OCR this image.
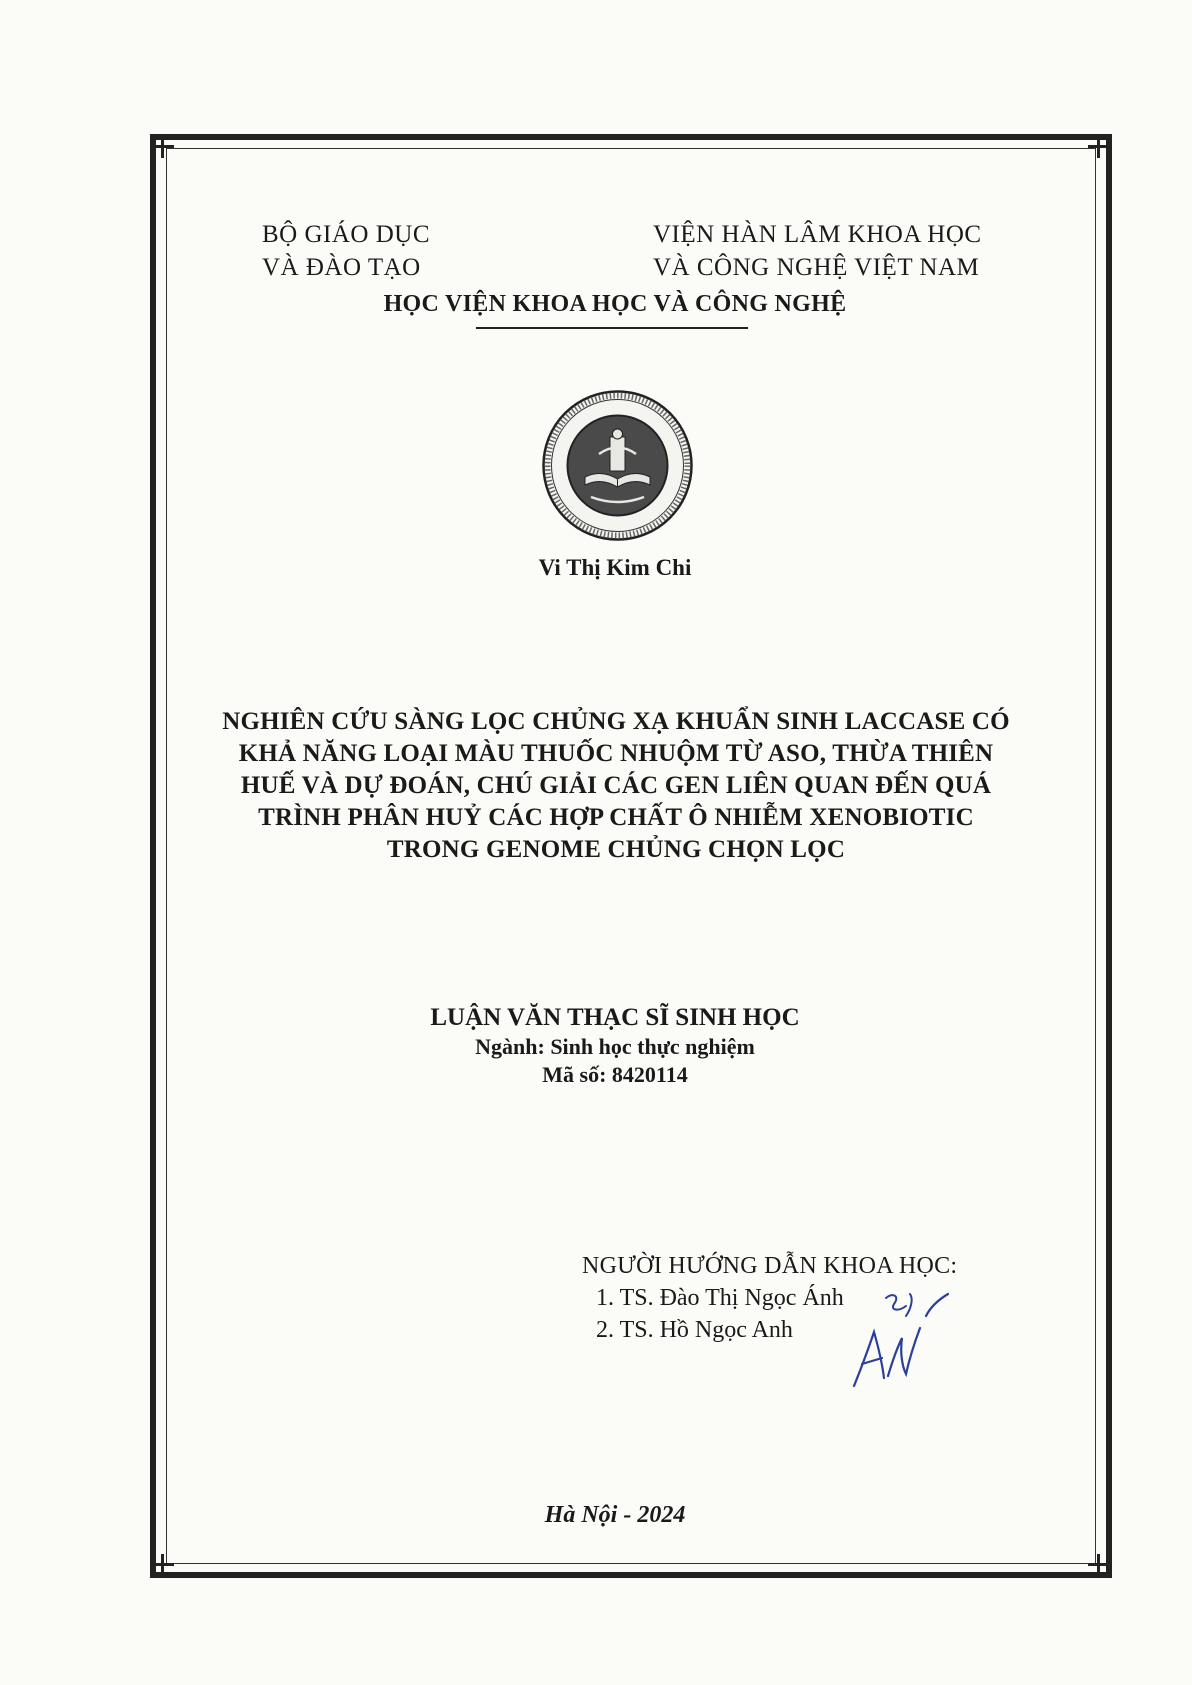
BỘ GIÁO DỤC
VÀ ĐÀO TẠO
VIỆN HÀN LÂM KHOA HỌC
VÀ CÔNG NGHỆ VIỆT NAM
HỌC VIỆN KHOA HỌC VÀ CÔNG NGHỆ
Vi Thị Kim Chi
NGHIÊN CỨU SÀNG LỌC CHỦNG XẠ KHUẨN SINH LACCASE CÓ
KHẢ NĂNG LOẠI MÀU THUỐC NHUỘM TỪ ASO, THỪA THIÊN
HUẾ VÀ DỰ ĐOÁN, CHÚ GIẢI CÁC GEN LIÊN QUAN ĐẾN QUÁ
TRÌNH PHÂN HUỶ CÁC HỢP CHẤT Ô NHIỄM XENOBIOTIC
TRONG GENOME CHỦNG CHỌN LỌC
LUẬN VĂN THẠC SĨ SINH HỌC
Ngành: Sinh học thực nghiệm
Mã số: 8420114
NGƯỜI HƯỚNG DẪN KHOA HỌC:
1. TS. Đào Thị Ngọc Ánh
2. TS. Hồ Ngọc Anh
Hà Nội - 2024
